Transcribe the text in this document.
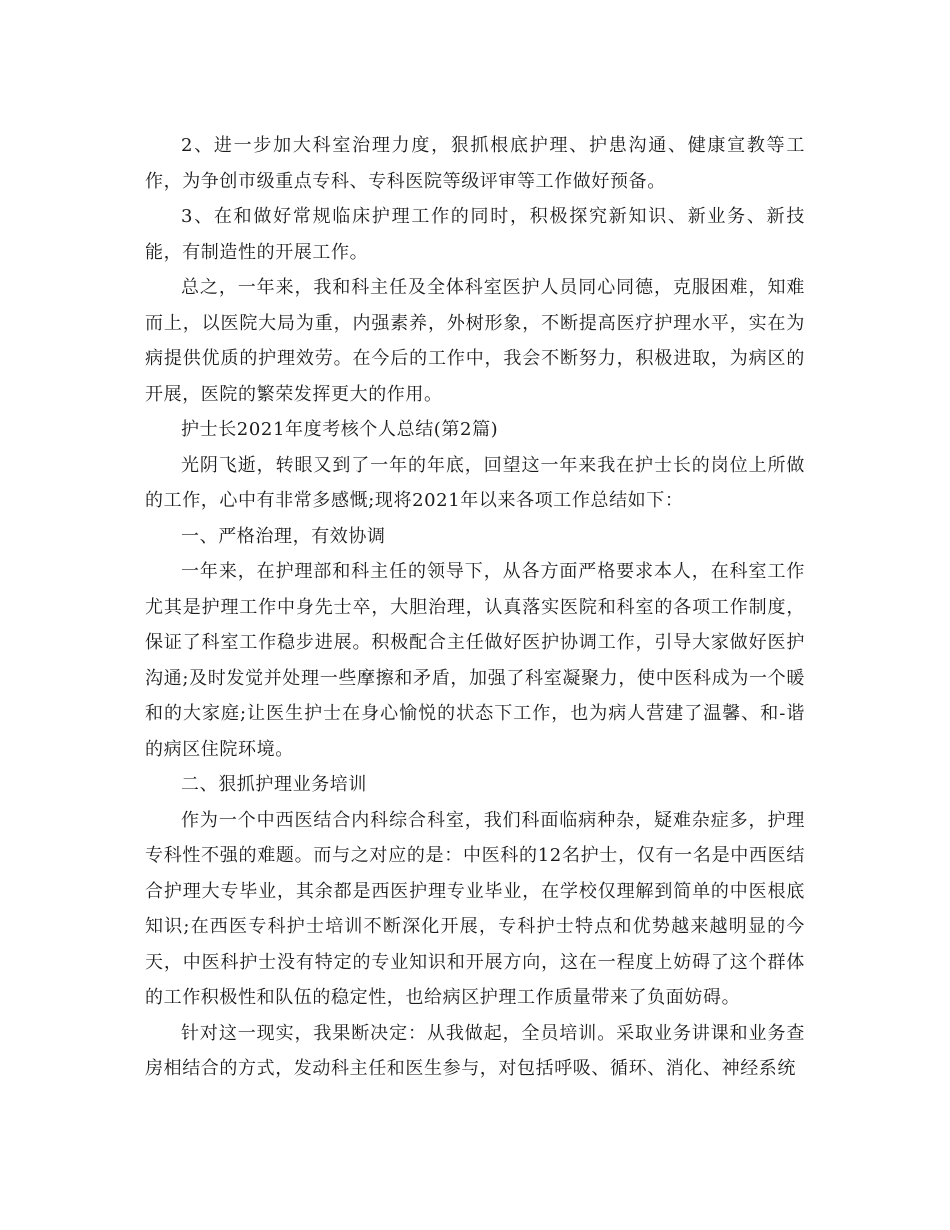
2、进一步加大科室治理力度，狠抓根底护理、护患沟通、健康宣教等工作，为争创市级重点专科、专科医院等级评审等工作做好预备。

3、在和做好常规临床护理工作的同时，积极探究新知识、新业务、新技能，有制造性的开展工作。

总之，一年来，我和科主任及全体科室医护人员同心同德，克服困难，知难而上，以医院大局为重，内强素养，外树形象，不断提高医疗护理水平，实在为病提供优质的护理效劳。在今后的工作中，我会不断努力，积极进取，为病区的开展，医院的繁荣发挥更大的作用。

护士长2021年度考核个人总结(第2篇)

光阴飞逝，转眼又到了一年的年底，回望这一年来我在护士长的岗位上所做的工作，心中有非常多感慨;现将2021年以来各项工作总结如下：

一、严格治理，有效协调

一年来，在护理部和科主任的领导下，从各方面严格要求本人，在科室工作尤其是护理工作中身先士卒，大胆治理，认真落实医院和科室的各项工作制度，保证了科室工作稳步进展。积极配合主任做好医护协调工作，引导大家做好医护沟通;及时发觉并处理一些摩擦和矛盾，加强了科室凝聚力，使中医科成为一个暖和的大家庭;让医生护士在身心愉悦的状态下工作，也为病人营建了温馨、和-谐的病区住院环境。

二、狠抓护理业务培训

作为一个中西医结合内科综合科室，我们科面临病种杂，疑难杂症多，护理专科性不强的难题。而与之对应的是：中医科的12名护士，仅有一名是中西医结合护理大专毕业，其余都是西医护理专业毕业，在学校仅理解到简单的中医根底知识;在西医专科护士培训不断深化开展，专科护士特点和优势越来越明显的今天，中医科护士没有特定的专业知识和开展方向，这在一程度上妨碍了这个群体的工作积极性和队伍的稳定性，也给病区护理工作质量带来了负面妨碍。

针对这一现实，我果断决定：从我做起，全员培训。采取业务讲课和业务查房相结合的方式，发动科主任和医生参与，对包括呼吸、循环、消化、神经系统
